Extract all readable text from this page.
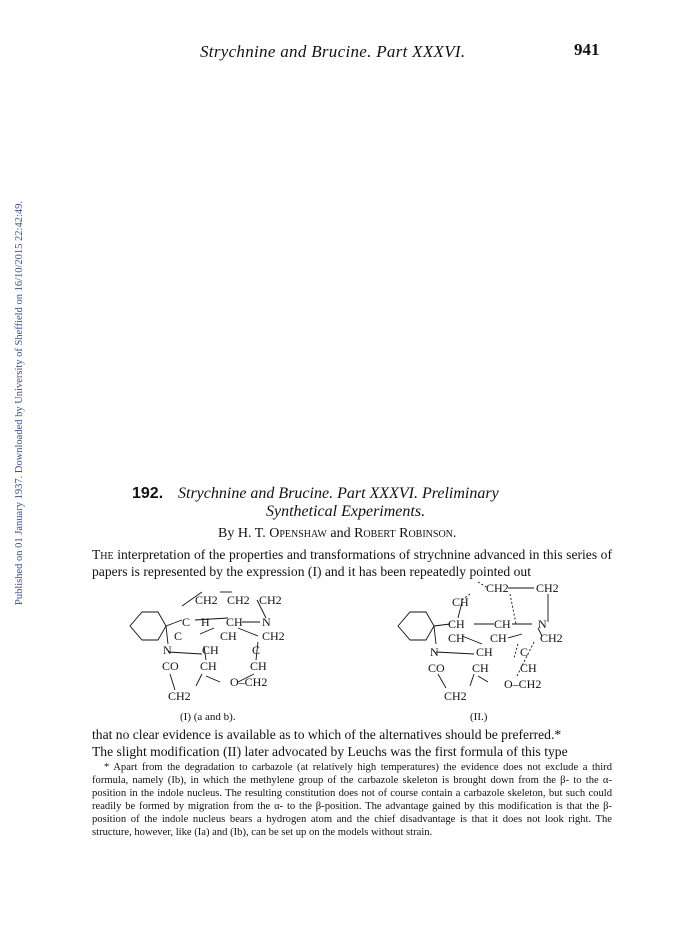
Strychnine and Brucine. Part XXXVI.	941
Published on 01 January 1937. Downloaded by University of Sheffield on 16/10/2015 22:42:49.	192. Strychnine and Brucine. Part XXXVI. Preliminary
Synthetical Experiments.
By H. T. Openshaw and Robert Robinson.
The interpretation of the properties and transformations of strychnine advanced in this series of papers is represented by the expression (I) and it has been repeatedly pointed out
CH2 CH2 CH2
C H CH N
C	CH CH2
N	CH	C
CO CH	CH
O–CH2
CH2
(I) (a and b).
CH2 CH2
CH
CH CH N
CH CH	CH2
N	CH C
CO CH	CH
O–CH2
CH2
(II.)
that no clear evidence is available as to which of the alternatives should be preferred.*
The slight modification (II) later advocated by Leuchs was the first formula of this type
* Apart from the degradation to carbazole (at relatively high temperatures) the evidence does not exclude a third formula, namely (Ib), in which the methylene group of the carbazole skeleton is brought down from the β- to the α-position in the indole nucleus. The resulting constitution does not of course contain a carbazole skeleton, but such could readily be formed by migration from the α- to the β-position. The advantage gained by this modification is that the β-position of the indole nucleus bears a hydrogen atom and the chief disadvantage is that it does not look right. The structure, however, like (Ia) and (Ib), can be set up on the models without strain.
